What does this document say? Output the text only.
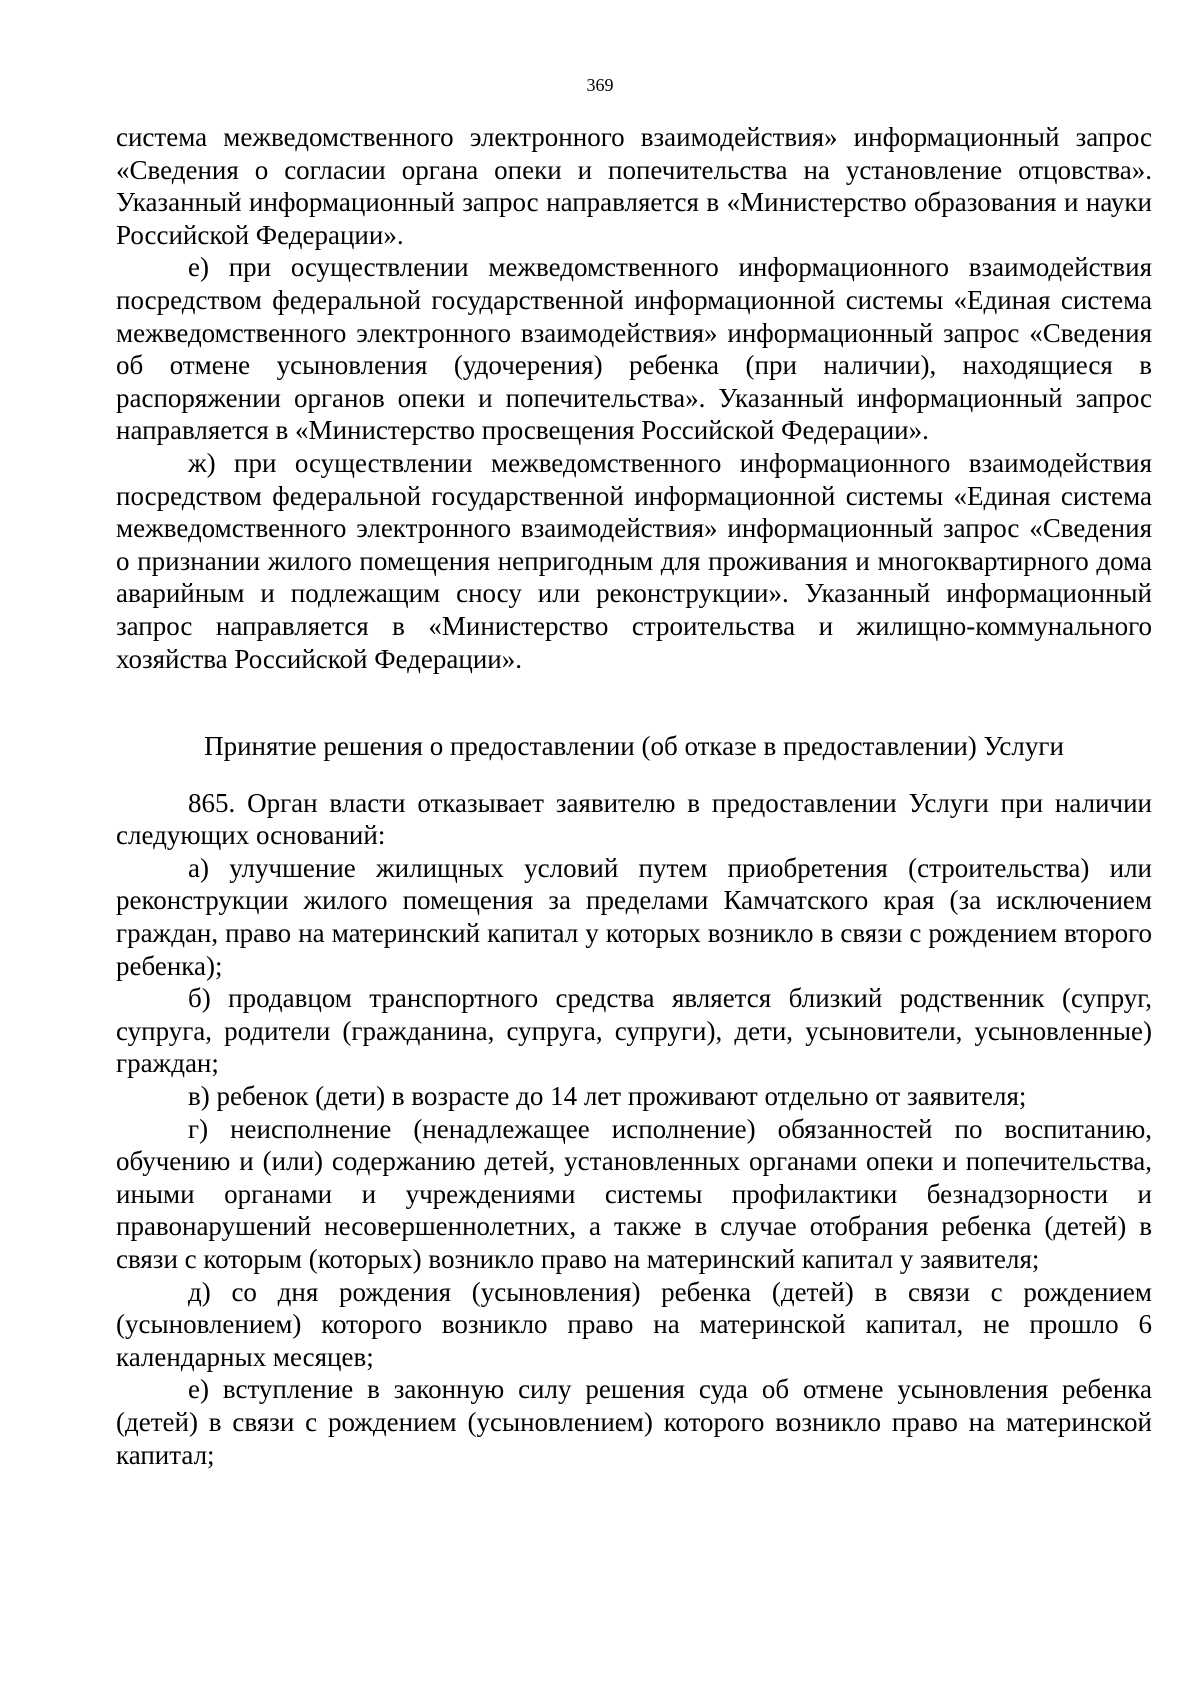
369

система межведомственного электронного взаимодействия» информационный запрос «Сведения о согласии органа опеки и попечительства на установление отцовства». Указанный информационный запрос направляется в «Министерство образования и науки Российской Федерации».

е) при осуществлении межведомственного информационного взаимодействия посредством федеральной государственной информационной системы «Единая система межведомственного электронного взаимодействия» информационный запрос «Сведения об отмене усыновления (удочерения) ребенка (при наличии), находящиеся в распоряжении органов опеки и попечительства». Указанный информационный запрос направляется в «Министерство просвещения Российской Федерации».

ж) при осуществлении межведомственного информационного взаимодействия посредством федеральной государственной информационной системы «Единая система межведомственного электронного взаимодействия» информационный запрос «Сведения о признании жилого помещения непригодным для проживания и многоквартирного дома аварийным и подлежащим сносу или реконструкции». Указанный информационный запрос направляется в «Министерство строительства и жилищно-коммунального хозяйства Российской Федерации».

Принятие решения о предоставлении (об отказе в предоставлении) Услуги

865. Орган власти отказывает заявителю в предоставлении Услуги при наличии следующих оснований:

а) улучшение жилищных условий путем приобретения (строительства) или реконструкции жилого помещения за пределами Камчатского края (за исключением граждан, право на материнский капитал у которых возникло в связи с рождением второго ребенка);

б) продавцом транспортного средства является близкий родственник (супруг, супруга, родители (гражданина, супруга, супруги), дети, усыновители, усыновленные) граждан;

в) ребенок (дети) в возрасте до 14 лет проживают отдельно от заявителя;

г) неисполнение (ненадлежащее исполнение) обязанностей по воспитанию, обучению и (или) содержанию детей, установленных органами опеки и попечительства, иными органами и учреждениями системы профилактики безнадзорности и правонарушений несовершеннолетних, а также в случае отобрания ребенка (детей) в связи с которым (которых) возникло право на материнский капитал у заявителя;

д) со дня рождения (усыновления) ребенка (детей) в связи с рождением (усыновлением) которого возникло право на материнской капитал, не прошло 6 календарных месяцев;

е) вступление в законную силу решения суда об отмене усыновления ребенка (детей) в связи с рождением (усыновлением) которого возникло право на материнской капитал;
